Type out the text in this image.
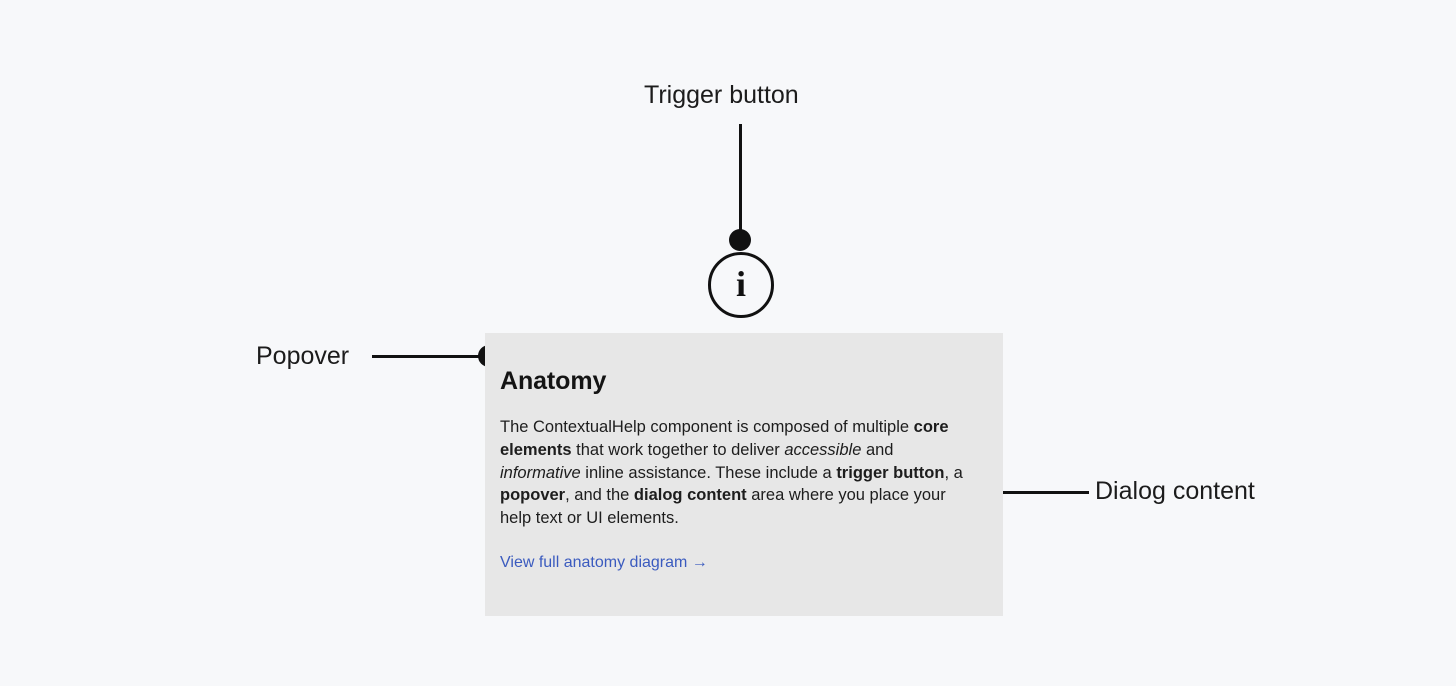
Trigger button
i
Popover
Dialog content
Anatomy

The ContextualHelp component is composed of multiple core elements that work together to deliver accessible and informative inline assistance. These include a trigger button, a popover, and the dialog content area where you place your help text or UI elements.

View full anatomy diagram →
